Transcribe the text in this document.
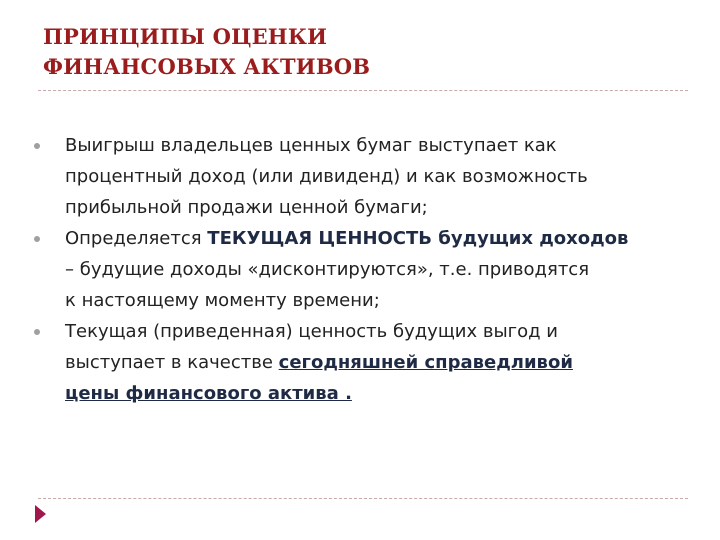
ПРИНЦИПЫ ОЦЕНКИ
ФИНАНСОВЫХ АКТИВОВ
Выигрыш владельцев ценных бумаг выступает как
процентный доход (или дивиденд) и как возможность
прибыльной продажи ценной бумаги;
Определяется ТЕКУЩАЯ ЦЕННОСТЬ будущих доходов
– будущие доходы «дисконтируются», т.е. приводятся
к настоящему моменту времени;
Текущая (приведенная) ценность будущих выгод и
выступает в качестве сегодняшней справедливой
цены финансового актива .
